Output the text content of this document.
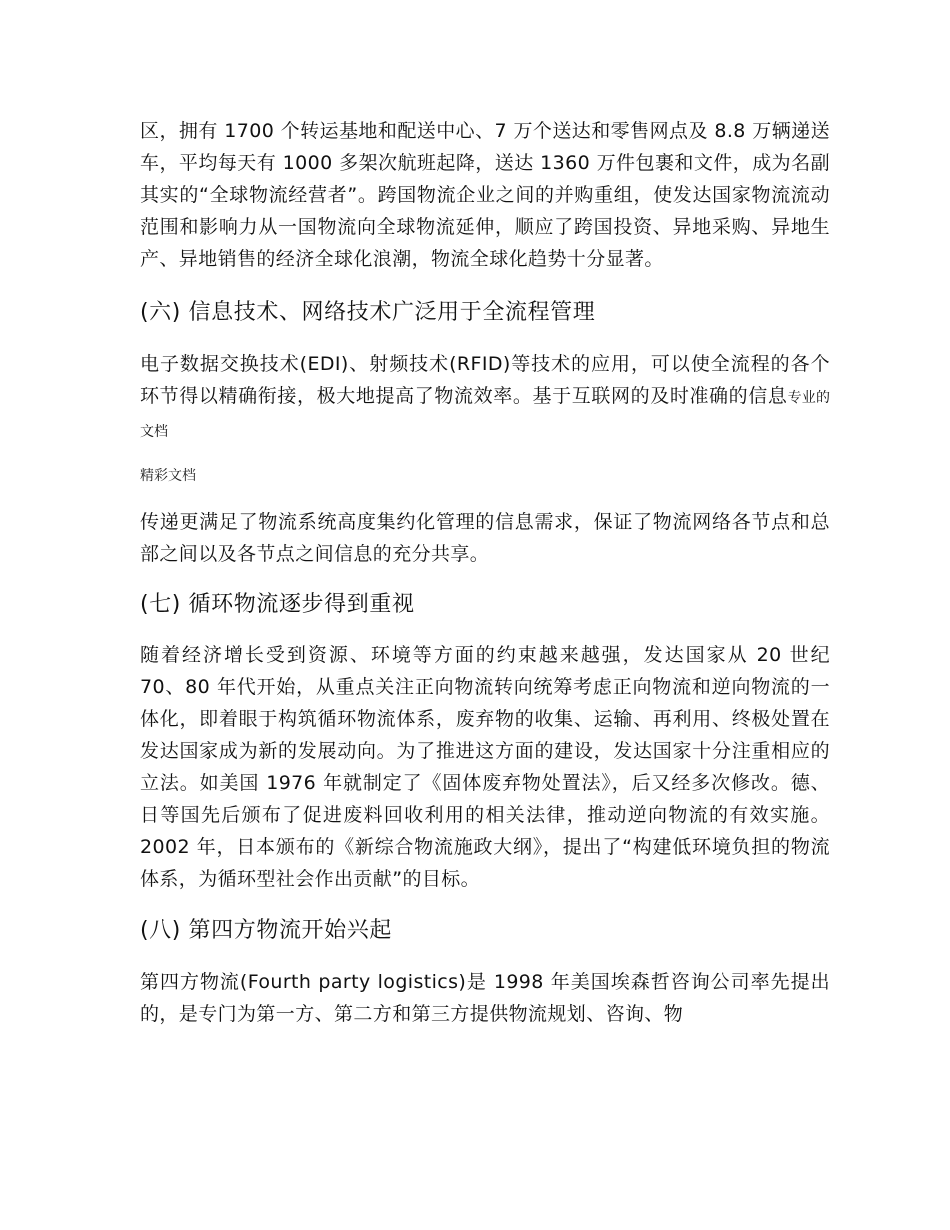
区，拥有 1700 个转运基地和配送中心、7 万个送达和零售网点及 8.8 万辆递送车，平均每天有 1000 多架次航班起降，送达 1360 万件包裹和文件，成为名副其实的“全球物流经营者”。跨国物流企业之间的并购重组，使发达国家物流流动范围和影响力从一国物流向全球物流延伸，顺应了跨国投资、异地采购、异地生产、异地销售的经济全球化浪潮，物流全球化趋势十分显著。

(六) 信息技术、网络技术广泛用于全流程管理

电子数据交换技术(EDI)、射频技术(RFID)等技术的应用，可以使全流程的各个环节得以精确衔接，极大地提高了物流效率。基于互联网的及时准确的信息专业的文档

精彩文档

传递更满足了物流系统高度集约化管理的信息需求，保证了物流网络各节点和总部之间以及各节点之间信息的充分共享。

(七) 循环物流逐步得到重视

随着经济增长受到资源、环境等方面的约束越来越强，发达国家从 20 世纪 70、80 年代开始，从重点关注正向物流转向统筹考虑正向物流和逆向物流的一体化，即着眼于构筑循环物流体系，废弃物的收集、运输、再利用、终极处置在发达国家成为新的发展动向。为了推进这方面的建设，发达国家十分注重相应的立法。如美国 1976 年就制定了《固体废弃物处置法》，后又经多次修改。德、日等国先后颁布了促进废料回收利用的相关法律，推动逆向物流的有效实施。2002 年，日本颁布的《新综合物流施政大纲》，提出了“构建低环境负担的物流体系，为循环型社会作出贡献”的目标。

(八) 第四方物流开始兴起

第四方物流(Fourth party logistics)是 1998 年美国埃森哲咨询公司率先提出的，是专门为第一方、第二方和第三方提供物流规划、咨询、物
